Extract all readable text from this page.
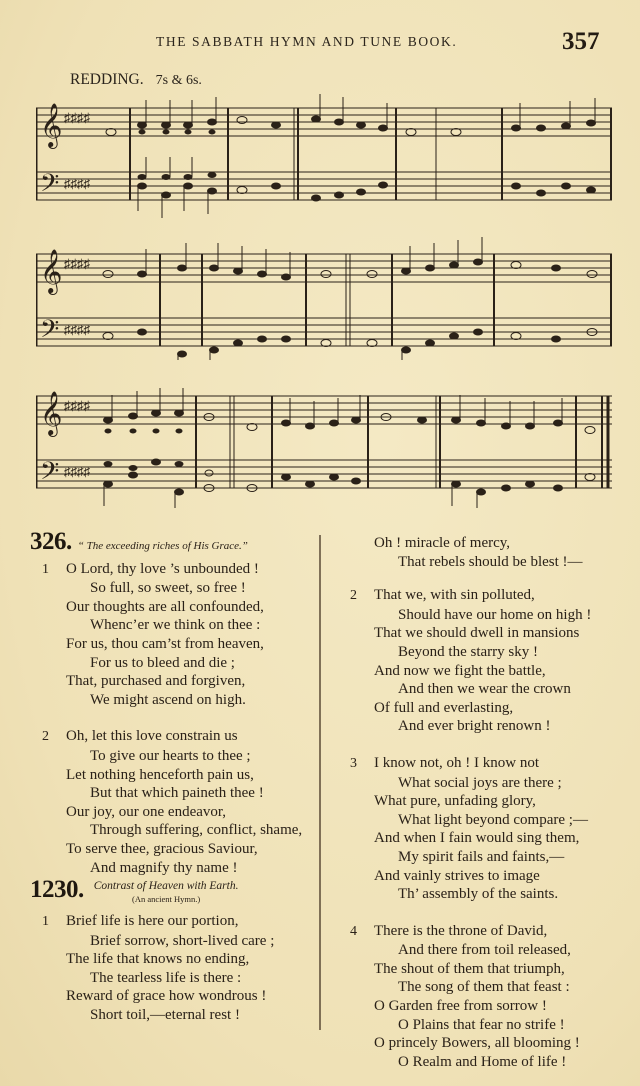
THE SABBATH HYMN AND TUNE BOOK.	357
REDDING. 7s & 6s.
𝄞
𝄢
♯♯♯♯
♯♯♯♯
𝄞
𝄢
♯♯♯♯
♯♯♯♯
𝄞
𝄢
♯♯♯♯
♯♯♯♯
326. “ The exceeding riches of His Grace.”
1 O Lord, thy love ’s unbounded !
So full, so sweet, so free !
Our thoughts are all confounded,
Whenc’er we think on thee :
For us, thou cam’st from heaven,
For us to bleed and die ;
That, purchased and forgiven,
We might ascend on high.
2 Oh, let this love constrain us
To give our hearts to thee ;
Let nothing henceforth pain us,
But that which paineth thee !
Our joy, our one endeavor,
Through suffering, conflict, shame,
To serve thee, gracious Saviour,
And magnify thy name !
1230. Contrast of Heaven with Earth.
(An ancient Hymn.)
1 Brief life is here our portion,
Brief sorrow, short-lived care ;
The life that knows no ending,
The tearless life is there :
Reward of grace how wondrous !
Short toil,—eternal rest !
Oh ! miracle of mercy,
That rebels should be blest !—
2 That we, with sin polluted,
Should have our home on high !
That we should dwell in mansions
Beyond the starry sky !
And now we fight the battle,
And then we wear the crown
Of full and everlasting,
And ever bright renown !
3 I know not, oh ! I know not
What social joys are there ;
What pure, unfading glory,
What light beyond compare ;—
And when I fain would sing them,
My spirit fails and faints,—
And vainly strives to image
Th’ assembly of the saints.
4 There is the throne of David,
And there from toil released,
The shout of them that triumph,
The song of them that feast :
O Garden free from sorrow !
O Plains that fear no strife !
O princely Bowers, all blooming !
O Realm and Home of life !
